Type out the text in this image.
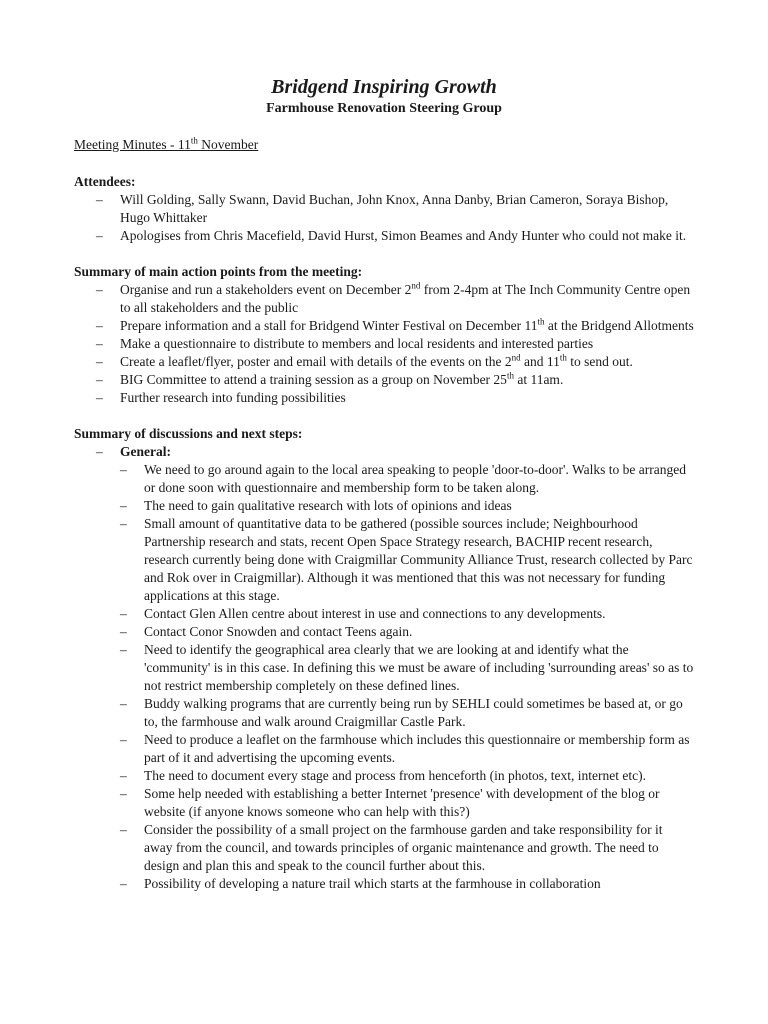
Bridgend Inspiring Growth
Farmhouse Renovation Steering Group
Meeting Minutes - 11th November
Attendees:
– Will Golding, Sally Swann, David Buchan, John Knox, Anna Danby, Brian Cameron, Soraya Bishop, Hugo Whittaker
– Apologises from Chris Macefield, David Hurst, Simon Beames and Andy Hunter who could not make it.
Summary of main action points from the meeting:
– Organise and run a stakeholders event on December 2nd from 2-4pm at The Inch Community Centre open to all stakeholders and the public
– Prepare information and a stall for Bridgend Winter Festival on December 11th at the Bridgend Allotments
– Make a questionnaire to distribute to members and local residents and interested parties
– Create a leaflet/flyer, poster and email with details of the events on the 2nd and 11th to send out.
– BIG Committee to attend a training session as a group on November 25th at 11am.
– Further research into funding possibilities
Summary of discussions and next steps:
– General:
– We need to go around again to the local area speaking to people 'door-to-door'. Walks to be arranged or done soon with questionnaire and membership form to be taken along.
– The need to gain qualitative research with lots of opinions and ideas
– Small amount of quantitative data to be gathered (possible sources include; Neighbourhood Partnership research and stats, recent Open Space Strategy research, BACHIP recent research, research currently being done with Craigmillar Community Alliance Trust, research collected by Parc and Rok over in Craigmillar). Although it was mentioned that this was not necessary for funding applications at this stage.
– Contact Glen Allen centre about interest in use and connections to any developments.
– Contact Conor Snowden and contact Teens again.
– Need to identify the geographical area clearly that we are looking at and identify what the 'community' is in this case. In defining this we must be aware of including 'surrounding areas' so as to not restrict membership completely on these defined lines.
– Buddy walking programs that are currently being run by SEHLI could sometimes be based at, or go to, the farmhouse and walk around Craigmillar Castle Park.
– Need to produce a leaflet on the farmhouse which includes this questionnaire or membership form as part of it and advertising the upcoming events.
– The need to document every stage and process from henceforth (in photos, text, internet etc).
– Some help needed with establishing a better Internet 'presence' with development of the blog or website (if anyone knows someone who can help with this?)
– Consider the possibility of a small project on the farmhouse garden and take responsibility for it away from the council, and towards principles of organic maintenance and growth. The need to design and plan this and speak to the council further about this.
– Possibility of developing a nature trail which starts at the farmhouse in collaboration
